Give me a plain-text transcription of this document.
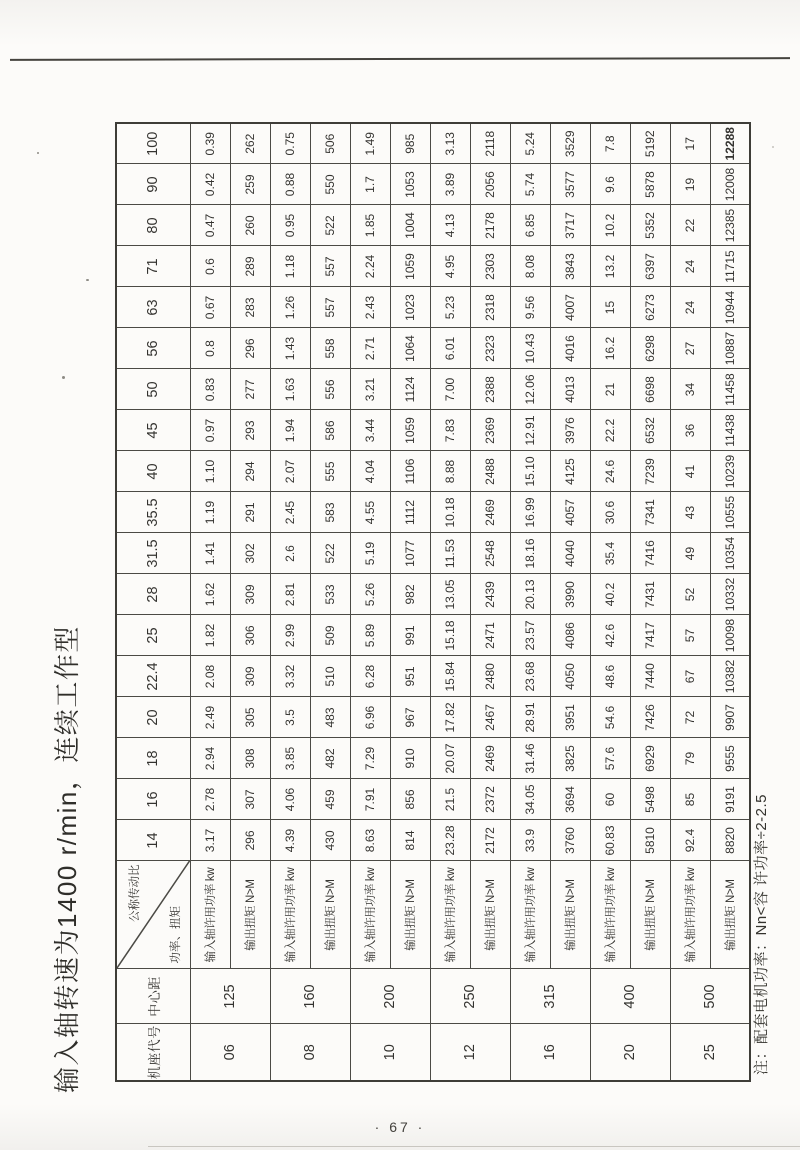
· 67 ·
输入轴转速为1400 r/min，连续工作型	机座代号	中心距	公称传动比
功率、扭矩	14	16	18	20	22.4	25	28	31.5	35.5	40	45	50	56	63	71	80	90	100
06	125	输入轴许用功率 kw	3.17	2.78	2.94	2.49	2.08	1.82	1.62	1.41	1.19	1.10	0.97	0.83	0.8	0.67	0.6	0.47	0.42	0.39
		输出扭矩 N>M	296	307	308	305	309	306	309	302	291	294	293	277	296	283	289	260	259	262
08	160	输入轴许用功率 kw	4.39	4.06	3.85	3.5	3.32	2.99	2.81	2.6	2.45	2.07	1.94	1.63	1.43	1.26	1.18	0.95	0.88	0.75
		输出扭矩 N>M	430	459	482	483	510	509	533	522	583	555	586	556	558	557	557	522	550	506
10	200	输入轴许用功率 kw	8.63	7.91	7.29	6.96	6.28	5.89	5.26	5.19	4.55	4.04	3.44	3.21	2.71	2.43	2.24	1.85	1.7	1.49
		输出扭矩 N>M	814	856	910	967	951	991	982	1077	1112	1106	1059	1124	1064	1023	1059	1004	1053	985
12	250	输入轴许用功率 kw	23.28	21.5	20.07	17.82	15.84	15.18	13.05	11.53	10.18	8.88	7.83	7.00	6.01	5.23	4.95	4.13	3.89	3.13
		输出扭矩 N>M	2172	2372	2469	2467	2480	2471	2439	2548	2469	2488	2369	2388	2323	2318	2303	2178	2056	2118
16	315	输入轴许用功率 kw	33.9	34.05	31.46	28.91	23.68	23.57	20.13	18.16	16.99	15.10	12.91	12.06	10.43	9.56	8.08	6.85	5.74	5.24
		输出扭矩 N>M	3760	3694	3825	3951	4050	4086	3990	4040	4057	4125	3976	4013	4016	4007	3843	3717	3577	3529
20	400	输入轴许用功率 kw	60.83	60	57.6	54.6	48.6	42.6	40.2	35.4	30.6	24.6	22.2	21	16.2	15	13.2	10.2	9.6	7.8
		输出扭矩 N>M	5810	5498	6929	7426	7440	7417	7431	7416	7341	7239	6532	6698	6298	6273	6397	5352	5878	5192
25	500	输入轴许用功率 kw	92.4	85	79	72	67	57	52	49	43	41	36	34	27	24	24	22	19	17
		输出扭矩 N>M	8820	9191	9555	9907	10382	10098	10332	10354	10555	10239	11438	11458	10887	10944	11715	12385	12008	12288
注：配套电机功率：Nn<容 许功率÷2-2.5
